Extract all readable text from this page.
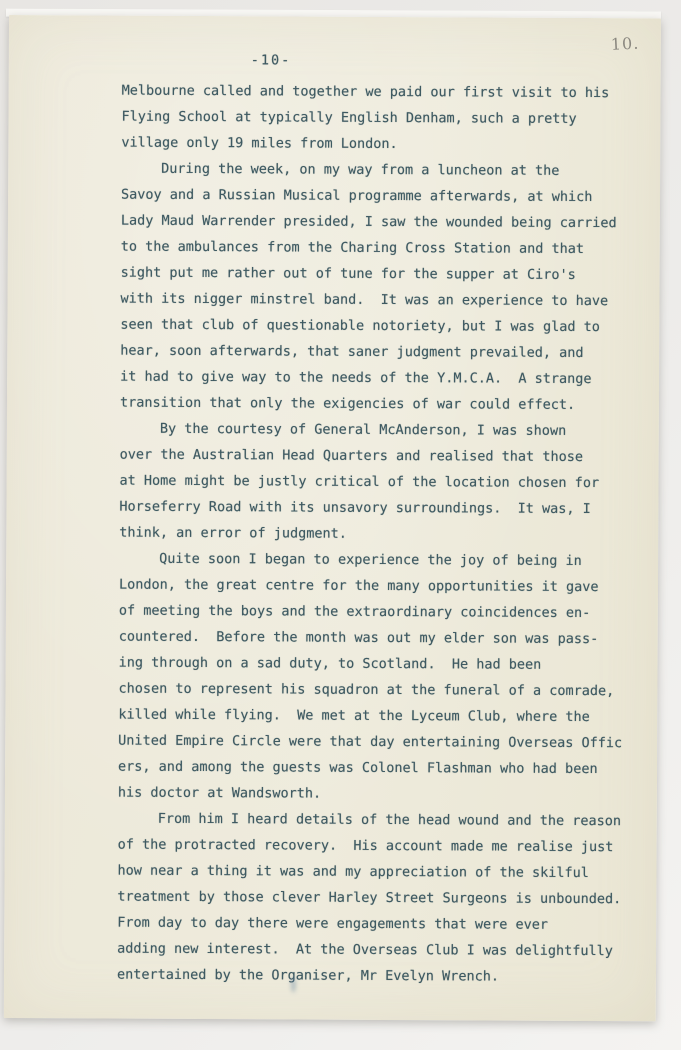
10.
-10-
Melbourne called and together we paid our first visit to his
Flying School at typically English Denham, such a pretty
village only 19 miles from London.
During the week, on my way from a luncheon at the
Savoy and a Russian Musical programme afterwards, at which
Lady Maud Warrender presided, I saw the wounded being carried
to the ambulances from the Charing Cross Station and that
sight put me rather out of tune for the supper at Ciro's
with its nigger minstrel band.  It was an experience to have
seen that club of questionable notoriety, but I was glad to
hear, soon afterwards, that saner judgment prevailed, and
it had to give way to the needs of the Y.M.C.A.  A strange
transition that only the exigencies of war could effect.
By the courtesy of General McAnderson, I was shown
over the Australian Head Quarters and realised that those
at Home might be justly critical of the location chosen for
Horseferry Road with its unsavory surroundings.  It was, I
think, an error of judgment.
Quite soon I began to experience the joy of being in
London, the great centre for the many opportunities it gave
of meeting the boys and the extraordinary coincidences en-
countered.  Before the month was out my elder son was pass-
ing through on a sad duty, to Scotland.  He had been
chosen to represent his squadron at the funeral of a comrade,
killed while flying.  We met at the Lyceum Club, where the
United Empire Circle were that day entertaining Overseas Offic
ers, and among the guests was Colonel Flashman who had been
his doctor at Wandsworth.
From him I heard details of the head wound and the reason
of the protracted recovery.  His account made me realise just
how near a thing it was and my appreciation of the skilful
treatment by those clever Harley Street Surgeons is unbounded.
From day to day there were engagements that were ever
adding new interest.  At the Overseas Club I was delightfully
entertained by the Organiser, Mr Evelyn Wrench.
